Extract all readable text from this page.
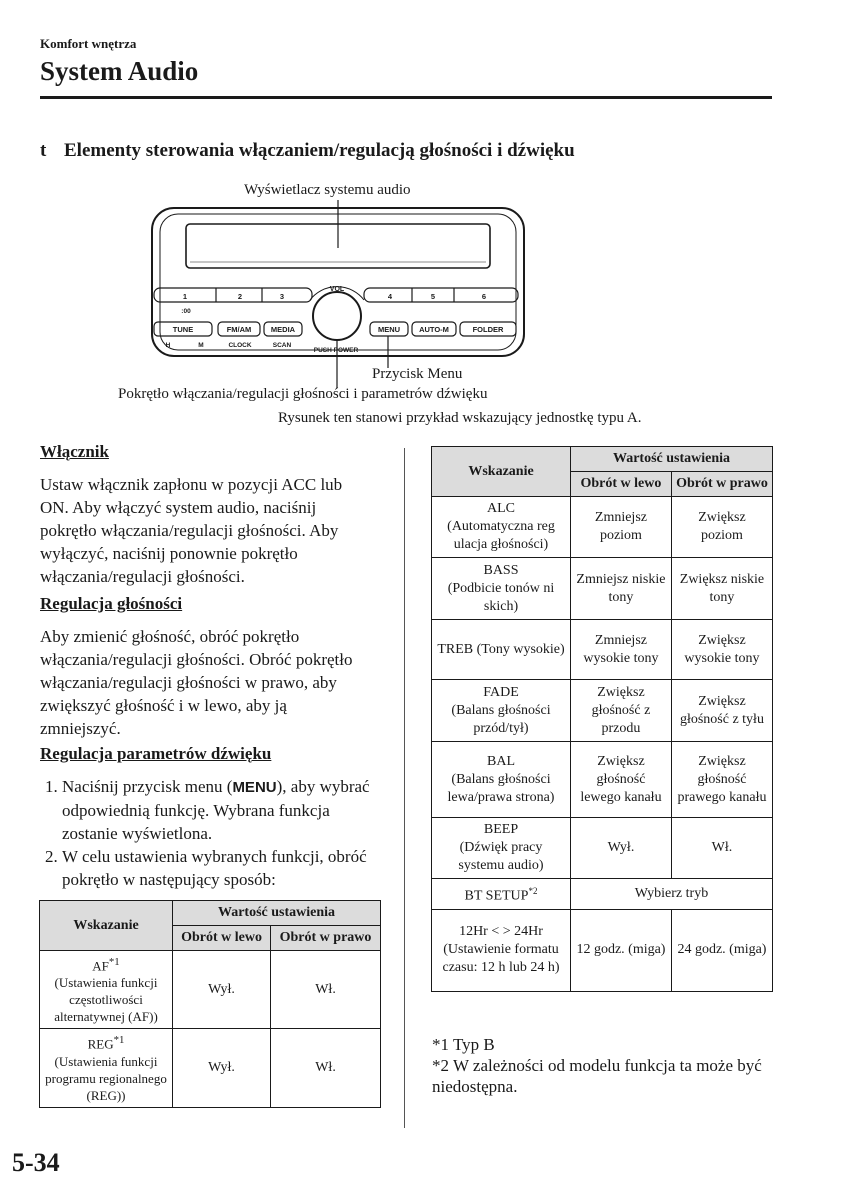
Komfort wnętrza
System Audio
t Elementy sterowania włączaniem/regulacją głośności i dźwięku
Wyświetlacz systemu audio
1	2	3	4	5	6
:00
VOL
TUNE	FM/AM	MEDIA	MENU	AUTO-M	FOLDER
H	M	CLOCK	SCAN
PUSH POWER
Przycisk Menu
Pokrętło włączania/regulacji głośności i parametrów dźwięku
Rysunek ten stanowi przykład wskazujący jednostkę typu A.
Włącznik

Ustaw włącznik zapłonu w pozycji ACC lub ON. Aby włączyć system audio, naciśnij pokrętło włączania/regulacji głośności. Aby wyłączyć, naciśnij ponownie pokrętło włączania/regulacji głośności.

Regulacja głośności

Aby zmienić głośność, obróć pokrętło włączania/regulacji głośności. Obróć pokrętło włączania/regulacji głośności w prawo, aby zwiększyć głośność i w lewo, aby ją zmniejszyć.

Regulacja parametrów dźwięku
1. Naciśnij przycisk menu (MENU), aby wybrać odpowiednią funkcję. Wybrana funkcja zostanie wyświetlona.
2. W celu ustawienia wybranych funkcji, obróć pokrętło w następujący sposób:
Wskazanie	Wartość ustawienia	
	Obrót w lewo	Obrót w prawo
AF$^{*1}$
(Ustawienia funkcji częstotliwości alternatywnej (AF))	Wył.	Wł.
REG$^{*1}$
(Ustawienia funkcji programu regionalnego (REG))	Wył.	Wł.
Wskazanie	Wartość ustawienia	
	Obrót w lewo	Obrót w prawo
ALC
(Automatyczna reg ulacja głośności)	Zmniejsz poziom	Zwiększ poziom
BASS
(Podbicie tonów ni skich)	Zmniejsz niskie tony	Zwiększ niskie tony
TREB (Tony wysokie)	Zmniejsz wysokie tony	Zwiększ wysokie tony
FADE
(Balans głośności przód/tył)	Zwiększ głośność z przodu	Zwiększ głośność z tyłu
BAL
(Balans głośności lewa/prawa strona)	Zwiększ głośność lewego kanału	Zwiększ głośność prawego kanału
BEEP
(Dźwięk pracy systemu audio)	Wył.	Wł.
BT SETUP$^{*2}$	Wybierz tryb	
12Hr < > 24Hr
(Ustawienie formatu czasu: 12 h lub 24 h)	12 godz. (miga)	24 godz. (miga)
*1 Typ B
*2 W zależności od modelu funkcja ta może być niedostępna.
5-34
